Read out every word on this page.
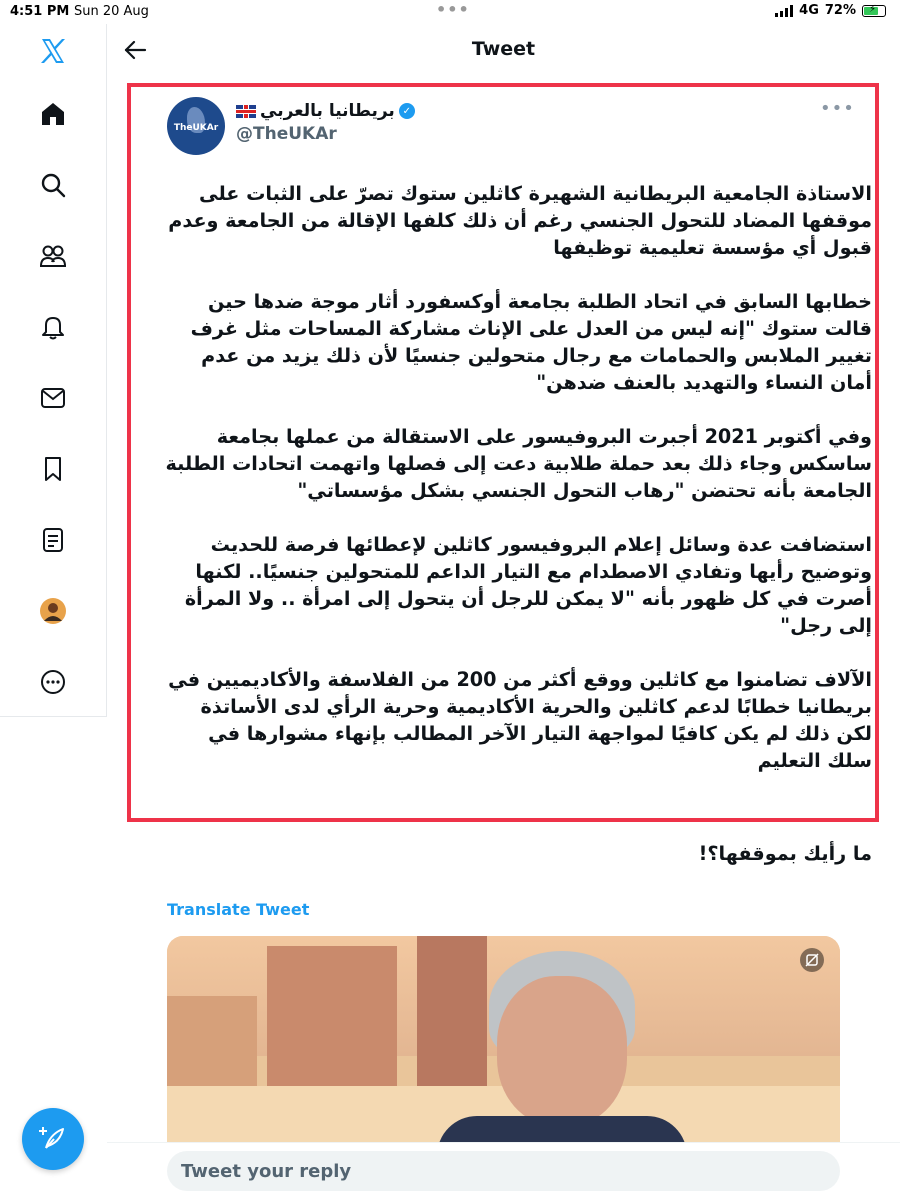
4:51 PM Sun 20 Aug	•••	4G 72% ⚡
Tweet
TheUKAr
بريطانيا بالعربي ✓
@TheUKAr
•••

الاستاذة الجامعية البريطانية الشهيرة كاثلين ستوك تصرّ على الثبات على موقفها المضاد للتحول الجنسي رغم أن ذلك كلفها الإقالة من الجامعة وعدم قبول أي مؤسسة تعليمية توظيفها

خطابها السابق في اتحاد الطلبة بجامعة أوكسفورد أثار موجة ضدها حين قالت ستوك "إنه ليس من العدل على الإناث مشاركة المساحات مثل غرف تغيير الملابس والحمامات مع رجال متحولين جنسيًا لأن ذلك يزيد من عدم أمان النساء والتهديد بالعنف ضدهن"

وفي أكتوبر 2021 أجبرت البروفيسور على الاستقالة من عملها بجامعة ساسكس وجاء ذلك بعد حملة طلابية دعت إلى فصلها واتهمت اتحادات الطلبة الجامعة بأنه تحتضن "رهاب التحول الجنسي بشكل مؤسساتي"

استضافت عدة وسائل إعلام البروفيسور كاثلين لإعطائها فرصة للحديث وتوضيح رأيها وتفادي الاصطدام مع التيار الداعم للمتحولين جنسيًا.. لكنها أصرت في كل ظهور بأنه "لا يمكن للرجل أن يتحول إلى امرأة .. ولا المرأة إلى رجل"

الآلاف تضامنوا مع كاثلين ووقع أكثر من 200 من الفلاسفة والأكاديميين في بريطانيا خطابًا لدعم كاثلين والحرية الأكاديمية وحرية الرأي لدى الأساتذة لكن ذلك لم يكن كافيًا لمواجهة التيار الآخر المطالب بإنهاء مشوارها في سلك التعليم

ما رأيك بموقفها؟!
Translate Tweet
Tweet your reply
